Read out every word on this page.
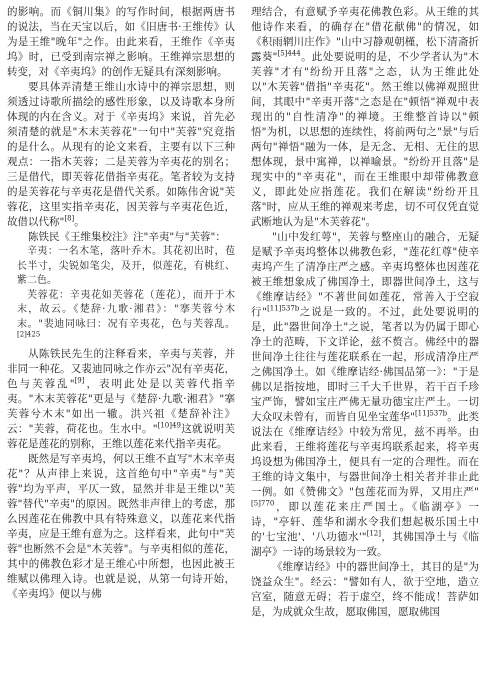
的影响。而《铜川集》的写作时间，根据两唐书的说法，当在天宝以后，如《旧唐书·王维传》认为是王维"晚年"之作。由此来看，王维作《辛夷坞》时，已受到南宗禅之影响。王维禅宗思想的转变，对《辛夷坞》的创作无疑具有深刻影响。

要具体弄清楚王维山水诗中的禅宗思想，则须透过诗歌所描绘的感性形象，以及诗歌本身所体现的内在含义。对于《辛夷坞》来说，首先必须清楚的就是"木末芙蓉花"一句中"芙蓉"究竟指的是什么。从现有的论文来看，主要有以下三种观点：一指木芙蓉；二是芙蓉为辛夷花的别名；三是借代，即芙蓉花借指辛夷花。笔者较为支持的是芙蓉花与辛夷花是借代关系。如陈伟舍说"芙蓉花，这里实指辛夷花，因芙蓉与辛夷花色近，故借以代称"[8]。

陈铁民《王维集校注》注"辛夷"与"芙蓉"：

辛夷：一名木笔，落叶乔木。其花初出时，苞长半寸，尖锐如笔尖，及开，似莲花，有桃红、紫二色。

芙蓉花：辛夷花如芙蓉花（莲花），而开于木末，故云。《楚辞·九歌·湘君》："搴芙蓉兮木末。"裴迪同咏曰：况有辛夷花，色与芙蓉乱。$^{[2]425}$

从陈铁民先生的注释看来，辛夷与芙蓉，并非同一种花。又裴迪同咏之作亦云"况有辛夷花，色与芙蓉乱"[9]，表明此处是以芙蓉代指辛夷。"木末芙蓉花"更是与《楚辞·九歌·湘君》"搴芙蓉兮木末"如出一辙。洪兴祖《楚辞补注》云："芙蓉，荷花也。生水中。"$^{[10]49}$这就说明芙蓉花是莲花的别称，王维以莲花来代指辛夷花。

既然是写辛夷坞，何以王维不直写"木末辛夷花"？从声律上来说，这首绝句中"辛夷"与"芙蓉"均为平声，平仄一致，显然并非是王维以"芙蓉"替代"辛夷"的原因。既然非声律上的考虑，那么因莲花在佛教中具有特殊意义，以莲花来代指辛夷，应是王维有意为之。这样看来，此句中"芙蓉"也断然不会是"木芙蓉"。与辛夷相似的莲花，其中的佛教色彩才是王维心中所想，也因此被王维赋以佛理入诗。也就是说，从第一句诗开始，《辛夷坞》便以与佛

理结合，有意赋予辛夷花佛教色彩。从王维的其他诗作来看，的确存在"借花献佛"的情况，如《积雨辋川庄作》"山中习静观朝槿，松下清斋折露葵"$^{[5]444}$。此处要说明的是，不少学者认为"木芙蓉"才有"纷纷开且落"之态，认为王维此处以"木芙蓉"借指"辛夷花"。然王维以佛禅观照世间，其眼中"辛夷开落"之态是在"顿悟"禅观中表现出的"自性清净"的禅境。王维整首诗以"顿悟"为机，以思想的连续性，将前两句之"景"与后两句"禅悟"融为一体，是无念、无相、无住的思想体现，景中寓禅，以禅喻景。"纷纷开且落"是现实中的"辛夷花"，而在王维眼中却带佛教意义，即此处应指莲花。我们在解读"纷纷开且落"时，应从王维的禅观来考虑，切不可仅凭直觉武断地认为是"木芙蓉花"。

"山中发红萼"，芙蓉与整座山的融合，无疑是赋予辛夷坞整体以佛教色彩，"莲花红尊"使辛夷坞产生了清净庄严之感。辛夷坞整体也因莲花被王维想象成了佛国净土，即器世间净土，这与《维摩诘经》"不著世间如莲花，常善入于空寂行"$^{[11]537b}$之说是一致的。不过，此处要说明的是，此"器世间净土"之说，笔者以为仍属于即心净土的范畴，下文详论，兹不赘言。佛经中的器世间净土往往与莲花联系在一起，形成清净庄严之佛国净土。如《维摩诘经·佛国品第一》："于是佛以足指按地，即时三千大千世界，若干百千珍宝严饰，譬如宝庄严佛无量功德宝庄严土。一切大众叹未曾有，而皆自见坐宝莲华"$^{[11]537b}$。此类说法在《维摩诘经》中较为常见，兹不再举。由此来看，王维将莲花与辛夷坞联系起来，将辛夷坞设想为佛国净土，便具有一定的合理性。而在王维的诗文集中，与器世间净土相关者并非止此一例。如《赞佛文》"包莲花而为界，又用庄严"$^{[5]770}$，即以莲花来庄严国土。《临湖亭》一诗，"亭轩、莲华和湖水令我们想起极乐国土中的'七宝池'、'八功德水'"[12]，其佛国净土与《临湖亭》一诗的场景较为一致。

《维摩诘经》中的器世间净土，其目的是"为饶益众生"。经云："譬如有人，欲于空地，造立宫室，随意无碍；若于虚空，终不能成！菩萨如是，为成就众生故，愿取佛国，愿取佛国
